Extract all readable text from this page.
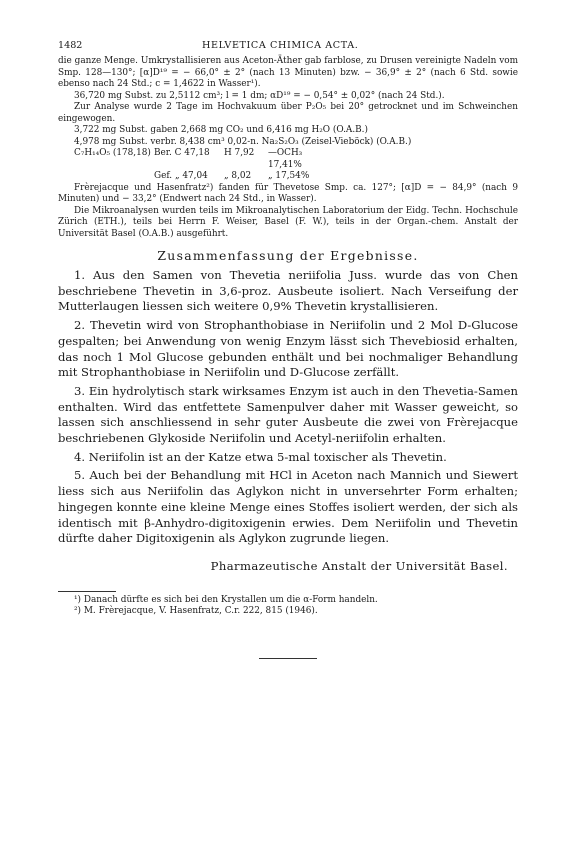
1482	HELVETICA CHIMICA ACTA.

die ganze Menge. Umkrystallisieren aus Aceton-Äther gab farblose, zu Drusen vereinigte Nadeln vom Smp. 128—130°; [α]D¹⁹ = − 66,0° ± 2° (nach 13 Minuten) bzw. − 36,9° ± 2° (nach 6 Std. sowie ebenso nach 24 Std.; c = 1,4622 in Wasser¹).

36,720 mg Subst. zu 2,5112 cm³; l = 1 dm; αD¹⁹ = − 0,54° ± 0,02° (nach 24 Std.).

Zur Analyse wurde 2 Tage im Hochvakuum über P₂O₅ bei 20° getrocknet und im Schweinchen eingewogen.

3,722 mg Subst. gaben 2,668 mg CO₂ und 6,416 mg H₂O (O.A.B.)

4,978 mg Subst. verbr. 8,438 cm³ 0,02-n. Na₂S₂O₃ (Zeisel-Vieböck) (O.A.B.)

C₇H₁₄O₅ (178,18) Ber. C 47,18	H 7,92	—OCH₃ 17,41%
Gef. „ 47,04	„ 8,02	„ 17,54%

Frèrejacque und Hasenfratz²) fanden für Thevetose Smp. ca. 127°; [α]D = − 84,9° (nach 9 Minuten) und − 33,2° (Endwert nach 24 Std., in Wasser).

Die Mikroanalysen wurden teils im Mikroanalytischen Laboratorium der Eidg. Techn. Hochschule Zürich (ETH.), teils bei Herrn F. Weiser, Basel (F. W.), teils in der Organ.-chem. Anstalt der Universität Basel (O.A.B.) ausgeführt.

Zusammenfassung der Ergebnisse.

1. Aus den Samen von Thevetia neriifolia Juss. wurde das von Chen beschriebene Thevetin in 3,6-proz. Ausbeute isoliert. Nach Verseifung der Mutterlaugen liessen sich weitere 0,9% Thevetin krystallisieren.

2. Thevetin wird von Strophanthobiase in Neriifolin und 2 Mol D-Glucose gespalten; bei Anwendung von wenig Enzym lässt sich Thevebiosid erhalten, das noch 1 Mol Glucose gebunden enthält und bei nochmaliger Behandlung mit Strophanthobiase in Neriifolin und D-Glucose zerfällt.

3. Ein hydrolytisch stark wirksames Enzym ist auch in den Thevetia-Samen enthalten. Wird das entfettete Samenpulver daher mit Wasser geweicht, so lassen sich anschliessend in sehr guter Ausbeute die zwei von Frèrejacque beschriebenen Glykoside Neriifolin und Acetyl-neriifolin erhalten.

4. Neriifolin ist an der Katze etwa 5-mal toxischer als Thevetin.

5. Auch bei der Behandlung mit HCl in Aceton nach Mannich und Siewert liess sich aus Neriifolin das Aglykon nicht in unversehrter Form erhalten; hingegen konnte eine kleine Menge eines Stoffes isoliert werden, der sich als identisch mit β-Anhydro-digitoxigenin erwies. Dem Neriifolin und Thevetin dürfte daher Digitoxigenin als Aglykon zugrunde liegen.

Pharmazeutische Anstalt der Universität Basel.

¹) Danach dürfte es sich bei den Krystallen um die α-Form handeln.

²) M. Frèrejacque, V. Hasenfratz, C.r. 222, 815 (1946).
